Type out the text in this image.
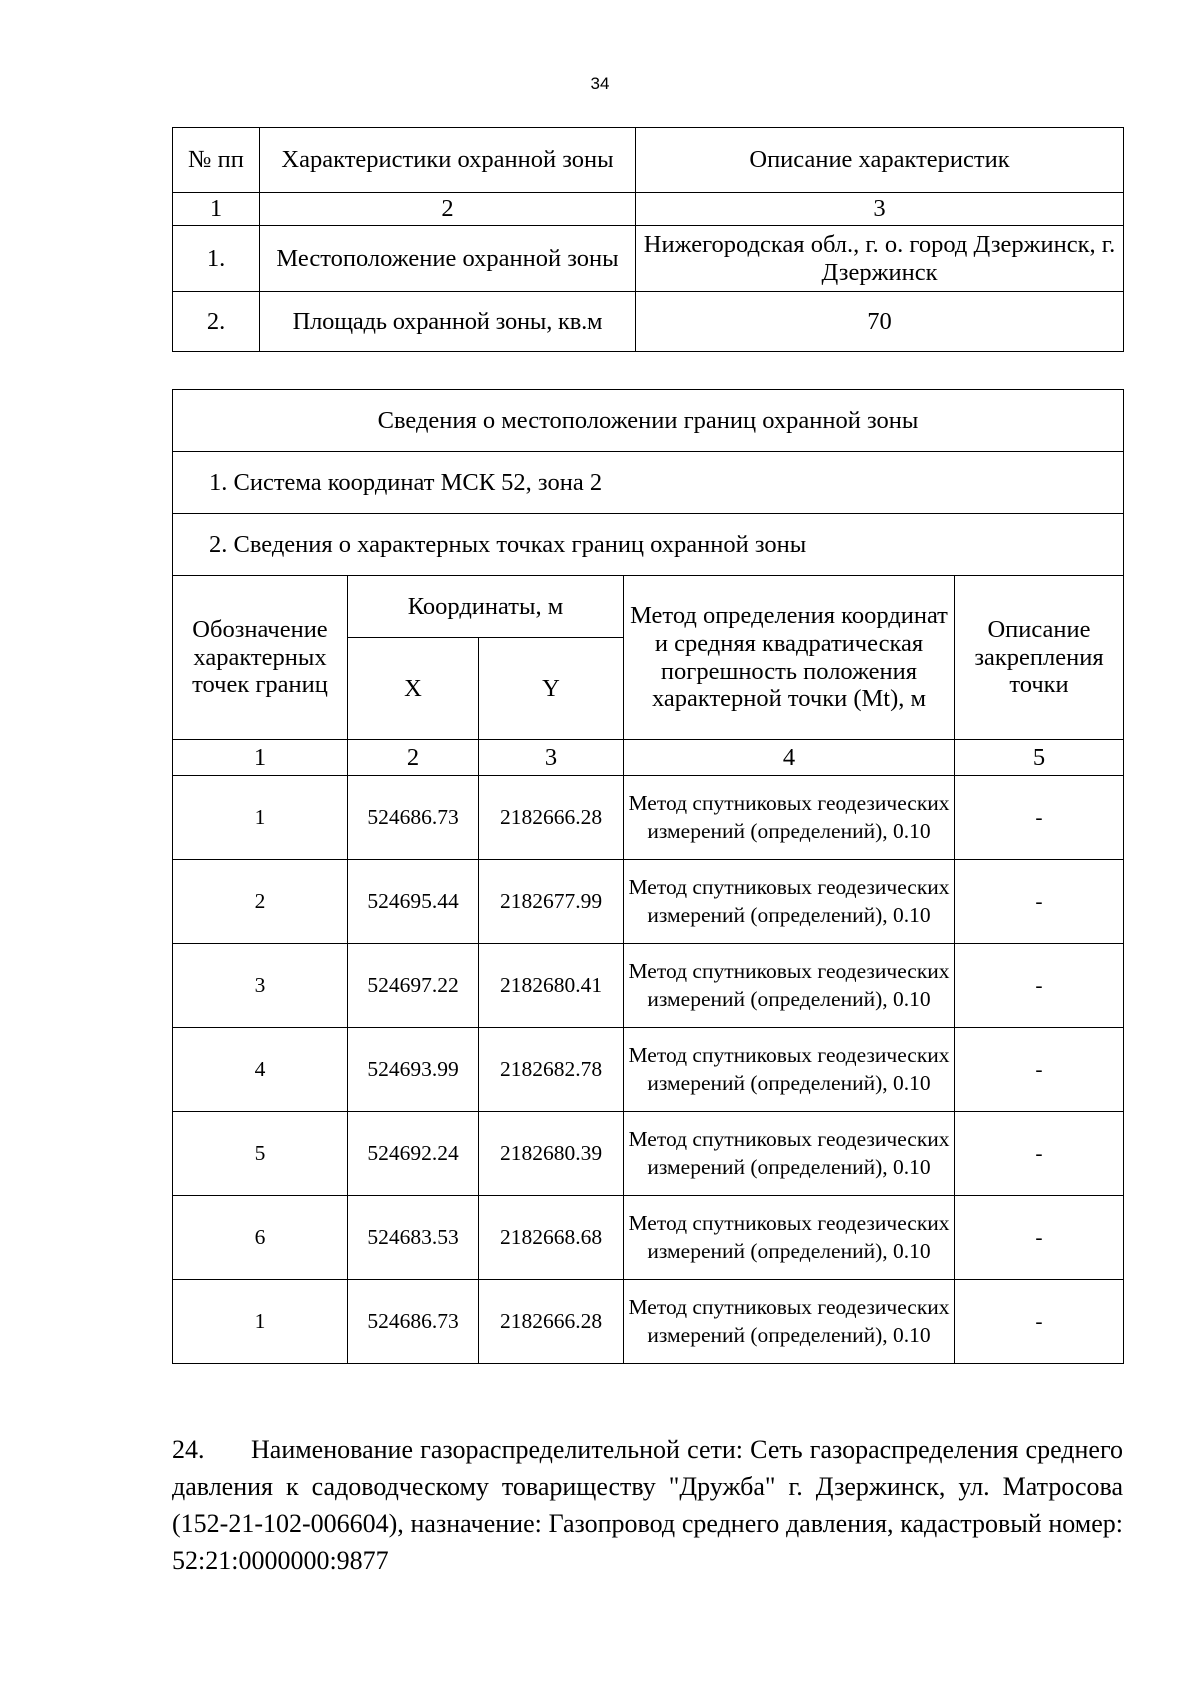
34
№ пп	Характеристики охранной зоны	Описание характеристик
1	2	3
1.	Местоположение охранной зоны	Нижегородская обл., г. о. город Дзержинск, г. Дзержинск
2.	Площадь охранной зоны, кв.м	70
Сведения о местоположении границ охранной зоны				
1. Система координат МСК 52, зона 2				
2. Сведения о характерных точках границ охранной зоны				
Обозначение характерных точек границ	Координаты, м		Метод определения координат и средняя квадратическая погрешность положения характерной точки (Mt), м	Описание закрепления точки
	X	Y		
1	2	3	4	5
1	524686.73	2182666.28	Метод спутниковых геодезических измерений (определений), 0.10	-
2	524695.44	2182677.99	Метод спутниковых геодезических измерений (определений), 0.10	-
3	524697.22	2182680.41	Метод спутниковых геодезических измерений (определений), 0.10	-
4	524693.99	2182682.78	Метод спутниковых геодезических измерений (определений), 0.10	-
5	524692.24	2182680.39	Метод спутниковых геодезических измерений (определений), 0.10	-
6	524683.53	2182668.68	Метод спутниковых геодезических измерений (определений), 0.10	-
1	524686.73	2182666.28	Метод спутниковых геодезических измерений (определений), 0.10	-

24. Наименование газораспределительной сети: Сеть газораспределения среднего давления к садоводческому товариществу "Дружба" г. Дзержинск, ул. Матросова (152-21-102-006604), назначение: Газопровод среднего давления, кадастровый номер: 52:21:0000000:9877
